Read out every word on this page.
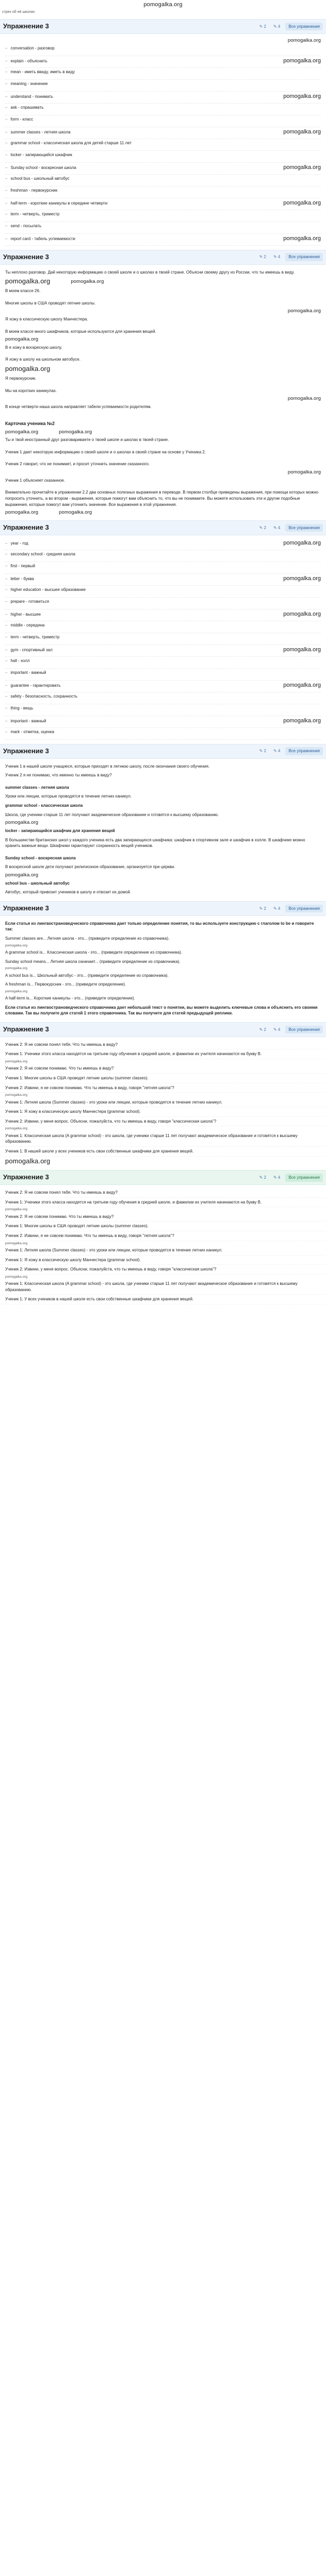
pomogalka.org
стрех об ей школах
Упражнение 3	✎ 2	✎ 4	Все упражнения
pomogalka.org
– conversation - разговор
– explain - объяснить	pomogalka.org
– mean - иметь ввиду, иметь в виду
– meaning - значение
– understand - понимать	pomogalka.org
– ask - спрашивать
– form - класс
– summer classes - летняя школа	pomogalka.org
– grammar school - классическая школа для детей старше 11 лет
– locker - запирающийся шкафчик
– Sunday school - воскресная школа	pomogalka.org
– school bus - школьный автобус
– freshman - первокурсник
– half-term - короткие каникулы в середине четверти	pomogalka.org
– term - четверть, триместр
– send - посылать
– report card - табель успеваемости	pomogalka.org
Упражнение 3	✎ 2	✎ 4	Все упражнения
Ты неплохо разговор. Дай некоторую информацию о своей школе и о школах в твоей стране. Объясни своему другу из России, что ты имеешь в виду.
pomogalka.org	pomogalka.org
В моем классе 26.
Многие школы в США проводят летние школы.
pomogalka.org
Я хожу в классическую школу Манчестера.
В моем классе много шкафчиков, которые используются для хранения вещей.
pomogalka.org
В я хожу в воскресную школу.
Я хожу в школу на школьном автобусе.
pomogalka.org
Я первокурсник.
Мы на коротких каникулах.
pomogalka.org
В конце четверти наша школа направляет табели успеваемости родителям.
Карточка ученика №2
pomogalka.org	pomogalka.org
Ты и твой иностранный друг разговариваете о твоей школе и школах в твоей стране.
Ученик 1 дает некоторую информацию о своей школе и о школах в своей стране на основе у Ученика 2.
Ученик 2 говорит, что не понимает, и просит уточнить значение сказанного.
pomogalka.org
Ученик 1 объясняет сказанное.
Внимательно прочитайте в упражнении 2.2 два основных полезных выражения в переводе. В первом столбце приведены выражения, при помощи которых можно попросить уточнить, а во втором - выражения, которые помогут вам объяснить то, что вы не понимаете. Вы можете использовать эти и другие подобные выражения, которые помогут вам уточнить значение. Все выражения в этой упражнения.
pomogalka.org	pomogalka.org
Упражнение 3	✎ 2	✎ 4	Все упражнения
– year - год	pomogalka.org
– secondary school - средняя школа
– first - первый
– letter - буква	pomogalka.org
– higher education - высшее образование
– prepare - готовиться
– higher - высшее	pomogalka.org
– middle - середина
– term - четверть, триместр
– gym - спортивный зал	pomogalka.org
– hall - холл
– important - важный
– guarantee - гарантировать	pomogalka.org
– safety - безопасность, сохранность
– thing - вещь
– important - важный	pomogalka.org
– mark - отметка, оценка
Упражнение 3	✎ 2	✎ 4	Все упражнения
Ученик 1 в нашей школе учащиеся, которые приходят в летнюю школу, после окончания своего обучения.
Ученик 2 я не понимаю, что именно ты имеешь в виду?
summer classes - летняя школа
Уроки или лекции, которые проводятся в течение летних каникул.
grammar school - классическая школа
Школа, где ученики старше 11 лет получают академическое образование и готовятся к высшему образованию.
pomogalka.org
locker - запирающийся шкафчик для хранения вещей
В большинстве британских школ у каждого ученика есть два запирающихся шкафчика: шкафчик в спортивном зале и шкафчик в холле. В шкафчике можно хранить важные вещи. Шкафчики гарантируют сохранность вещей учеников.
Sunday school - воскресная школа
В воскресной школе дети получают религиозное образование, организуется при церкви.
pomogalka.org
school bus - школьный автобус
Автобус, который привозит учеников в школу и отвозит их домой.
Упражнение 3	✎ 2	✎ 4	Все упражнения
Если статья из лингвострановедческого справочника дает только определение понятия, то вы используете конструкцию с глаголом to be и говорите так:
Summer classes are... Летняя школа - это... (приведите определение из справочника).
pomogalka.org
A grammar school is... Классическая школа - это... (приведите определение из справочника).
Sunday school means... Летняя школа означает... (приведите определение из справочника).
pomogalka.org
A school bus is... Школьный автобус - это... (приведите определение из справочника).
A freshman is... Первокурсник - это... (приведите определение).
pomogalka.org
A half-term is... Короткие каникулы - это... (приведите определение).
Если статья из лингвострановедческого справочника дает небольшой текст о понятии, вы можете выделить ключевые слова и объяснить его своими словами. Так вы получите для статей 1 этого справочника. Так вы получите для статей предыдущей реплики.
Упражнение 3	✎ 2	✎ 4	Все упражнения
Ученик 2: Я не совсем понял тебя. Что ты имеешь в виду?
Ученик 1: Ученики этого класса находятся на третьем году обучения в средней школе, и фамилии их учителя начинаются на букву В.
pomogalka.org
Ученик 2: Я не совсем понимаю. Что ты имеешь в виду?
Ученик 1: Многие школы в США проводят летние школы (summer classes).
Ученик 2: Извини, я не совсем понимаю. Что ты имеешь в виду, говоря "летняя школа"?
pomogalka.org
Ученик 1: Летняя школа (Summer classes) - это уроки или лекции, которые проводятся в течение летних каникул.
Ученик 1: Я хожу в классическую школу Манчестера (grammar school).
Ученик 2: Извини, у меня вопрос. Объясни, пожалуйста, что ты имеешь в виду, говоря "классическая школа"?
pomogalka.org
Ученик 1: Классическая школа (A grammar school) - это школа, где ученики старше 11 лет получают академическое образование и готовятся к высшему образованию.
Ученик 1: В нашей школе у всех учеников есть свои собственные шкафчики для хранения вещей.
pomogalka.org
Упражнение 3	✎ 2	✎ 4	Все упражнения
Ученик 2: Я не совсем понял тебя. Что ты имеешь в виду?
Ученик 1: Ученики этого класса находятся на третьем году обучения в средней школе, и фамилии их учителя начинаются на букву В.
pomogalka.org
Ученик 2: Я не совсем понимаю. Что ты имеешь в виду?
Ученик 1: Многие школы в США проводят летние школы (summer classes).
Ученик 2: Извини, я не совсем понимаю. Что ты имеешь в виду, говоря "летняя школа"?
pomogalka.org
Ученик 1: Летняя школа (Summer classes) - это уроки или лекции, которые проводятся в течение летних каникул.
Ученик 1: Я хожу в классическую школу Манчестера (grammar school).
Ученик 2: Извини, у меня вопрос. Объясни, пожалуйста, что ты имеешь в виду, говоря "классическая школа"?
pomogalka.org
Ученик 1: Классическая школа (A grammar school) - это школа, где ученики старше 11 лет получают академическое образование и готовятся к высшему образованию.
Ученик 1: У всех учеников в нашей школе есть свои собственные шкафчики для хранения вещей.
